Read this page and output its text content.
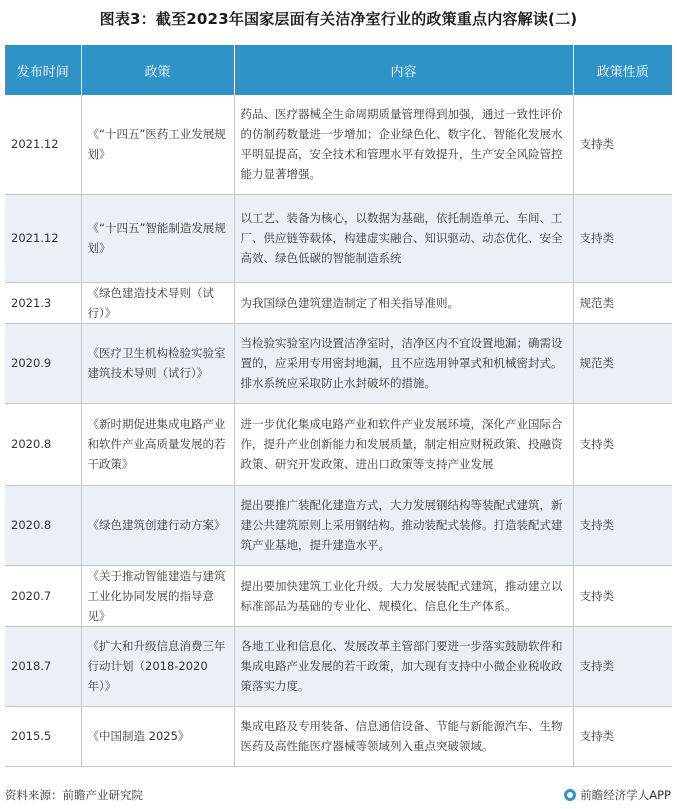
图表3：截至2023年国家层面有关洁净室行业的政策重点内容解读(二)
发布时间	政策	内容	政策性质
2021.12	《“十四五”医药工业发展规划》	药品、医疗器械全生命周期质量管理得到加强，通过一致性评价的仿制药数量进一步增加；企业绿色化、数字化、智能化发展水平明显提高，安全技术和管理水平有效提升，生产安全风险管控能力显著增强。	支持类
2021.12	《“十四五”智能制造发展规划》	以工艺、装备为核心，以数据为基础，依托制造单元、车间、工厂、供应链等载体，构建虚实融合、知识驱动、动态优化、安全高效、绿色低碳的智能制造系统	支持类
2021.3	《绿色建造技术导则（试行）》	为我国绿色建筑建造制定了相关指导准则。	规范类
2020.9	《医疗卫生机构检验实验室建筑技术导则（试行）》	当检验实验室内设置洁净室时，洁净区内不宜设置地漏；确需设置的，应采用专用密封地漏，且不应选用钟罩式和机械密封式。排水系统应采取防止水封破坏的措施。	规范类
2020.8	《新时期促进集成电路产业和软件产业高质量发展的若干政策》	进一步优化集成电路产业和软件产业发展环境，深化产业国际合作，提升产业创新能力和发展质量，制定相应财税政策、投融资政策、研究开发政策、进出口政策等支持产业发展	支持类
2020.8	《绿色建筑创建行动方案》	提出要推广装配化建造方式，大力发展钢结构等装配式建筑，新建公共建筑原则上采用钢结构。推动装配式装修。打造装配式建筑产业基地，提升建造水平。	支持类
2020.7	《关于推动智能建造与建筑工业化协同发展的指导意见》	提出要加快建筑工业化升级。大力发展装配式建筑，推动建立以标准部品为基础的专业化、规模化、信息化生产体系。	支持类
2018.7	《扩大和升级信息消费三年行动计划（2018-2020 年）》	各地工业和信息化、发展改革主管部门要进一步落实鼓励软件和集成电路产业发展的若干政策，加大现有支持中小微企业税收政策落实力度。	支持类
2015.5	《中国制造 2025》	集成电路及专用装备、信息通信设备、节能与新能源汽车、生物医药及高性能医疗器械等领域列入重点突破领域。	支持类
资料来源：前瞻产业研究院	前瞻经济学人APP
